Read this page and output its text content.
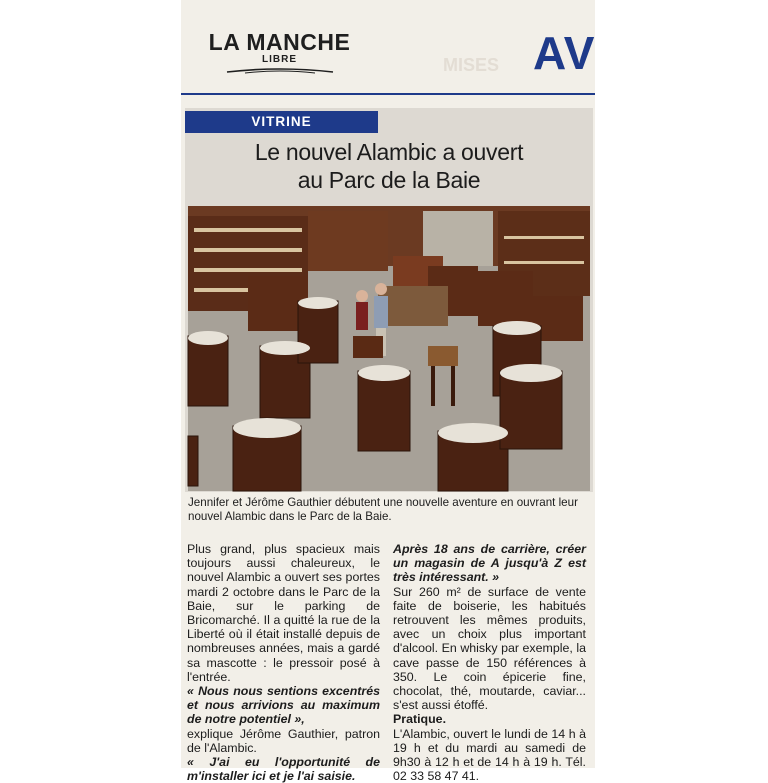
LA MANCHE
LIBRE	MISES AV
VITRINE
Le nouvel Alambic a ouvert
au Parc de la Baie
Jennifer et Jérôme Gauthier débutent une nouvelle aventure en ouvrant leur nouvel Alambic dans le Parc de la Baie.
Plus grand, plus spacieux mais toujours aussi chaleureux, le nouvel Alambic a ouvert ses portes mardi 2 octobre dans le Parc de la Baie, sur le parking de Bricomarché. Il a quitté la rue de la Liberté où il était installé depuis de nombreuses années, mais a gardé sa mascotte : le pressoir posé à l'entrée.
« Nous nous sentions excentrés et nous arrivions au maximum de notre potentiel »,
explique Jérôme Gauthier, patron de l'Alambic.
« J'ai eu l'opportunité de m'installer ici et je l'ai saisie.
Après 18 ans de carrière, créer un magasin de A jusqu'à Z est très intéressant. »
Sur 260 m² de surface de vente faite de boiserie, les habitués retrouvent les mêmes produits, avec un choix plus important d'alcool. En whisky par exemple, la cave passe de 150 références à 350. Le coin épicerie fine, chocolat, thé, moutarde, caviar... s'est aussi étoffé.
Pratique.
L'Alambic, ouvert le lundi de 14 h à 19 h et du mardi au samedi de 9h30 à 12 h et de 14 h à 19 h. Tél. 02 33 58 47 41.
